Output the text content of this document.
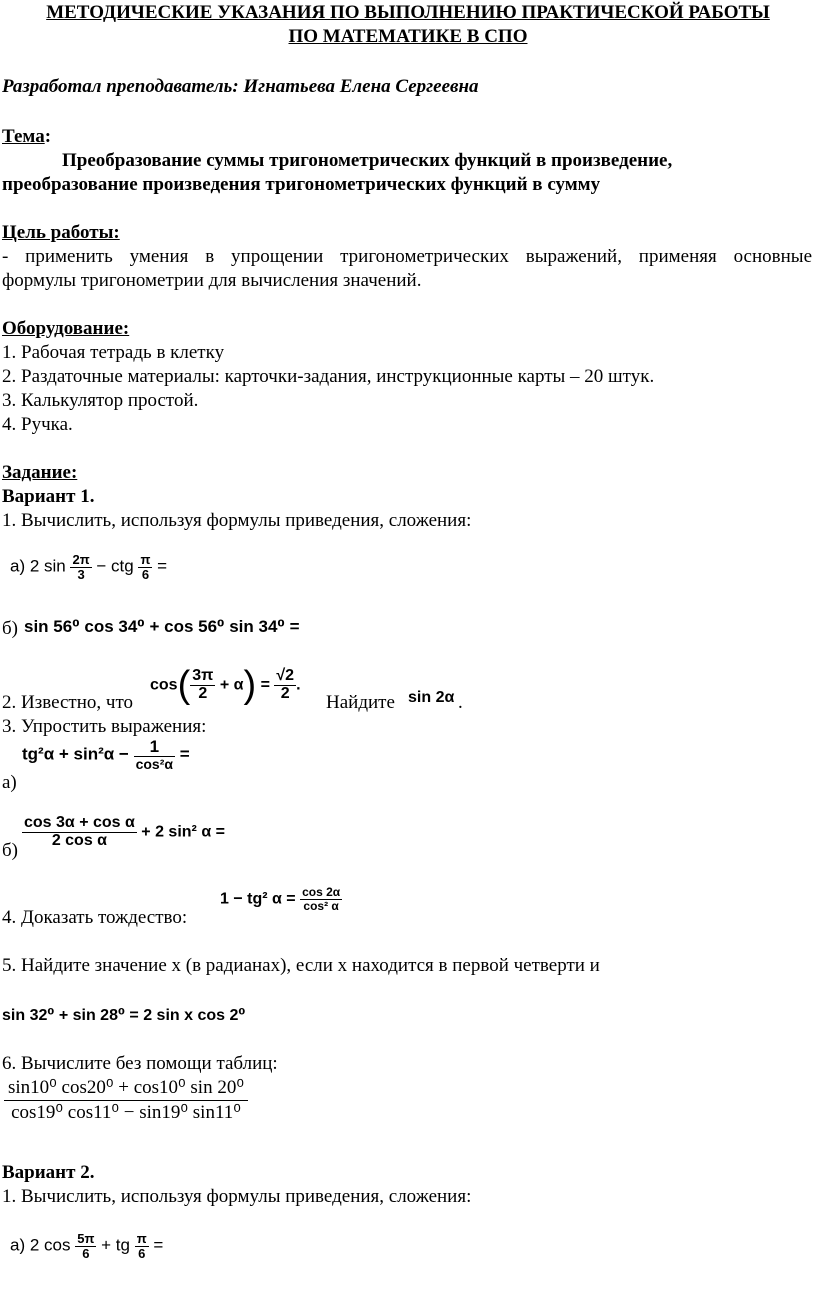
МЕТОДИЧЕСКИЕ УКАЗАНИЯ ПО ВЫПОЛНЕНИЮ ПРАКТИЧЕСКОЙ РАБОТЫ
ПО МАТЕМАТИКЕ В СПО
Разработал преподаватель: Игнатьева Елена Сергеевна
Тема:
Преобразование суммы тригонометрических функций в произведение,
преобразование произведения тригонометрических функций в сумму
Цель работы:
- применить умения в упрощении тригонометрических выражений, применяя основные
формулы тригонометрии для вычисления значений.
Оборудование:
1. Рабочая тетрадь в клетку
2. Раздаточные материалы: карточки-задания, инструкционные карты – 20 штук.
3. Калькулятор простой.
4. Ручка.
Задание:
Вариант 1.
1. Вычислить, используя формулы приведения, сложения:
а) 2 $\sin \frac{2\pi}{3}$ − ctg $\frac{\pi}{6}$ =
б) sin 56⁰ cos 34⁰ + cos 56⁰ sin 34⁰ =
2. Известно, что
$\cos( \frac{3\pi}{2} + \alpha) = \frac{√2}{2}$ .
Найдите sin 2α .
3. Упростить выражения:
а)
$tg^2\alpha + \sin^2\alpha - \frac{1}{\text{cos²α}}$ =
б)
$\frac{\text{cos 3α + cos α}}{\text{2 cos α}} + 2$ sin² α =
4. Доказать тождество:
1 − tg² $\alpha = \frac{\cos 2\alpha}{\text{cos² α}}$
5. Найдите значение x (в радианах), если x находится в первой четверти и
sin 32⁰ + sin 28⁰ = 2 sin x cos 2⁰
6. Вычислите без помощи таблиц:
$\frac{\text{sin10⁰ cos20⁰ + cos10⁰ sin 20⁰}}{\text{cos19⁰ cos11⁰ − sin19⁰ sin11⁰}}$
Вариант 2.
1. Вычислить, используя формулы приведения, сложения:
а) 2 $\cos \frac{5\pi}{6}$ + tg $\frac{\pi}{6}$ =
